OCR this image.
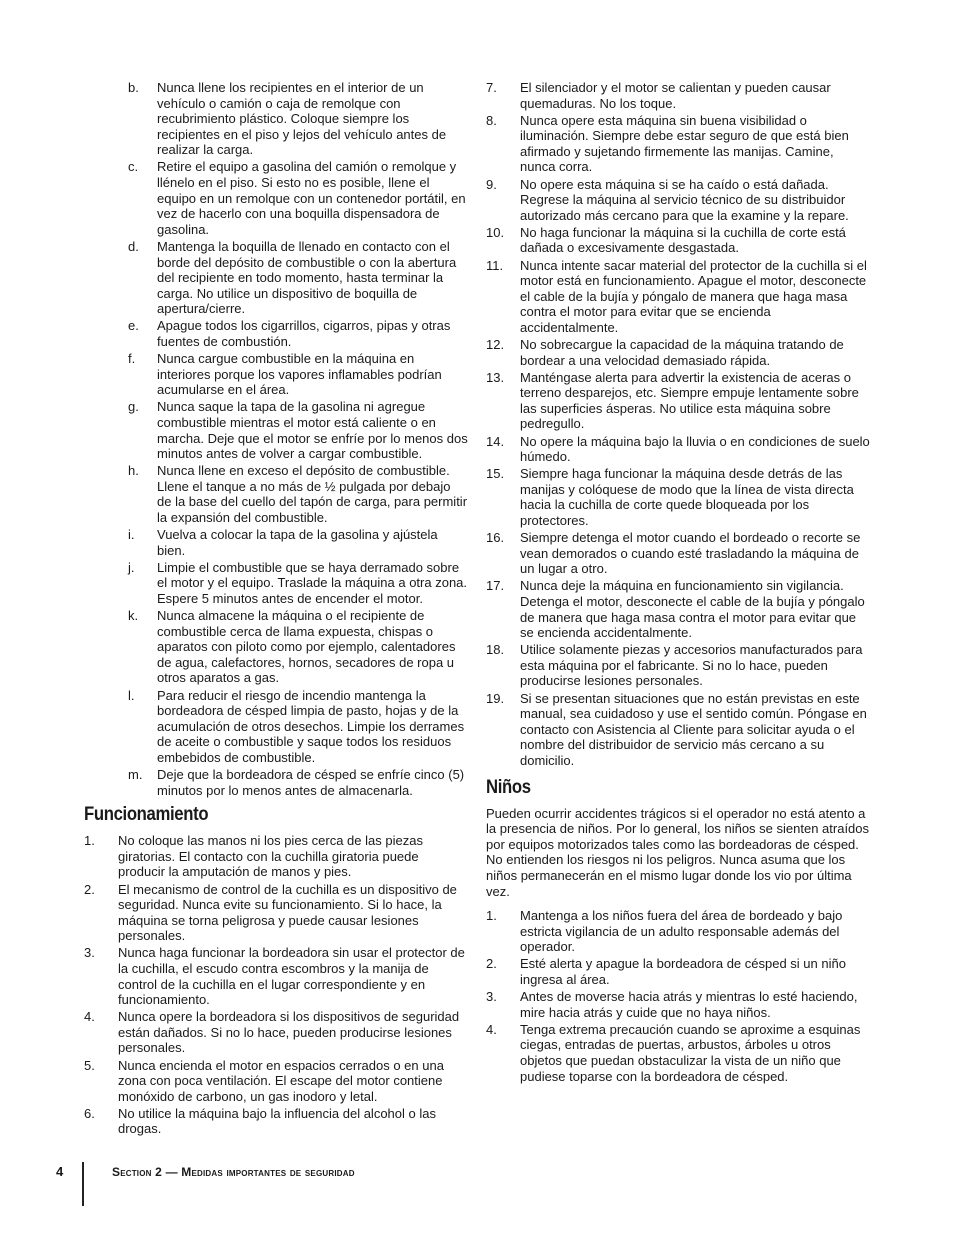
b. Nunca llene los recipientes en el interior de un vehículo o camión o caja de remolque con recubrimiento plástico. Coloque siempre los recipientes en el piso y lejos del vehículo antes de realizar la carga.
c. Retire el equipo a gasolina del camión o remolque y llénelo en el piso. Si esto no es posible, llene el equipo en un remolque con un contenedor portátil, en vez de hacerlo con una boquilla dispensadora de gasolina.
d. Mantenga la boquilla de llenado en contacto con el borde del depósito de combustible o con la abertura del recipiente en todo momento, hasta terminar la carga. No utilice un dispositivo de boquilla de apertura/cierre.
e. Apague todos los cigarrillos, cigarros, pipas y otras fuentes de combustión.
f. Nunca cargue combustible en la máquina en interiores porque los vapores inflamables podrían acumularse en el área.
g. Nunca saque la tapa de la gasolina ni agregue combustible mientras el motor está caliente o en marcha. Deje que el motor se enfríe por lo menos dos minutos antes de volver a cargar combustible.
h. Nunca llene en exceso el depósito de combustible. Llene el tanque a no más de ½ pulgada por debajo de la base del cuello del tapón de carga, para permitir la expansión del combustible.
i. Vuelva a colocar la tapa de la gasolina y ajústela bien.
j. Limpie el combustible que se haya derramado sobre el motor y el equipo. Traslade la máquina a otra zona. Espere 5 minutos antes de encender el motor.
k. Nunca almacene la máquina o el recipiente de combustible cerca de llama expuesta, chispas o aparatos con piloto como por ejemplo, calentadores de agua, calefactores, hornos, secadores de ropa u otros aparatos a gas.
l. Para reducir el riesgo de incendio mantenga la bordeadora de césped limpia de pasto, hojas y de la acumulación de otros desechos. Limpie los derrames de aceite o combustible y saque todos los residuos embebidos de combustible.
m. Deje que la bordeadora de césped se enfríe cinco (5) minutos por lo menos antes de almacenarla.
Funcionamiento
1. No coloque las manos ni los pies cerca de las piezas giratorias. El contacto con la cuchilla giratoria puede producir la amputación de manos y pies.
2. El mecanismo de control de la cuchilla es un dispositivo de seguridad. Nunca evite su funcionamiento. Si lo hace, la máquina se torna peligrosa y puede causar lesiones personales.
3. Nunca haga funcionar la bordeadora sin usar el protector de la cuchilla, el escudo contra escombros y la manija de control de la cuchilla en el lugar correspondiente y en funcionamiento.
4. Nunca opere la bordeadora si los dispositivos de seguridad están dañados. Si no lo hace, pueden producirse lesiones personales.
5. Nunca encienda el motor en espacios cerrados o en una zona con poca ventilación. El escape del motor contiene monóxido de carbono, un gas inodoro y letal.
6. No utilice la máquina bajo la influencia del alcohol o las drogas.
7. El silenciador y el motor se calientan y pueden causar quemaduras. No los toque.
8. Nunca opere esta máquina sin buena visibilidad o iluminación. Siempre debe estar seguro de que está bien afirmado y sujetando firmemente las manijas. Camine, nunca corra.
9. No opere esta máquina si se ha caído o está dañada. Regrese la máquina al servicio técnico de su distribuidor autorizado más cercano para que la examine y la repare.
10. No haga funcionar la máquina si la cuchilla de corte está dañada o excesivamente desgastada.
11. Nunca intente sacar material del protector de la cuchilla si el motor está en funcionamiento. Apague el motor, desconecte el cable de la bujía y póngalo de manera que haga masa contra el motor para evitar que se encienda accidentalmente.
12. No sobrecargue la capacidad de la máquina tratando de bordear a una velocidad demasiado rápida.
13. Manténgase alerta para advertir la existencia de aceras o terreno desparejos, etc. Siempre empuje lentamente sobre las superficies ásperas. No utilice esta máquina sobre pedregullo.
14. No opere la máquina bajo la lluvia o en condiciones de suelo húmedo.
15. Siempre haga funcionar la máquina desde detrás de las manijas y colóquese de modo que la línea de vista directa hacia la cuchilla de corte quede bloqueada por los protectores.
16. Siempre detenga el motor cuando el bordeado o recorte se vean demorados o cuando esté trasladando la máquina de un lugar a otro.
17. Nunca deje la máquina en funcionamiento sin vigilancia. Detenga el motor, desconecte el cable de la bujía y póngalo de manera que haga masa contra el motor para evitar que se encienda accidentalmente.
18. Utilice solamente piezas y accesorios manufacturados para esta máquina por el fabricante. Si no lo hace, pueden producirse lesiones personales.
19. Si se presentan situaciones que no están previstas en este manual, sea cuidadoso y use el sentido común. Póngase en contacto con Asistencia al Cliente para solicitar ayuda o el nombre del distribuidor de servicio más cercano a su domicilio.
Niños

Pueden ocurrir accidentes trágicos si el operador no está atento a la presencia de niños. Por lo general, los niños se sienten atraídos por equipos motorizados tales como las bordeadoras de césped. No entienden los riesgos ni los peligros. Nunca asuma que los niños permanecerán en el mismo lugar donde los vio por última vez.

1. Mantenga a los niños fuera del área de bordeado y bajo estricta vigilancia de un adulto responsable además del operador.
2. Esté alerta y apague la bordeadora de césped si un niño ingresa al área.
3. Antes de moverse hacia atrás y mientras lo esté haciendo, mire hacia atrás y cuide que no haya niños.
4. Tenga extrema precaución cuando se aproxime a esquinas ciegas, entradas de puertas, arbustos, árboles u otros objetos que puedan obstaculizar la vista de un niño que pudiese toparse con la bordeadora de césped.
4	Section 2 — Medidas importantes de seguridad
